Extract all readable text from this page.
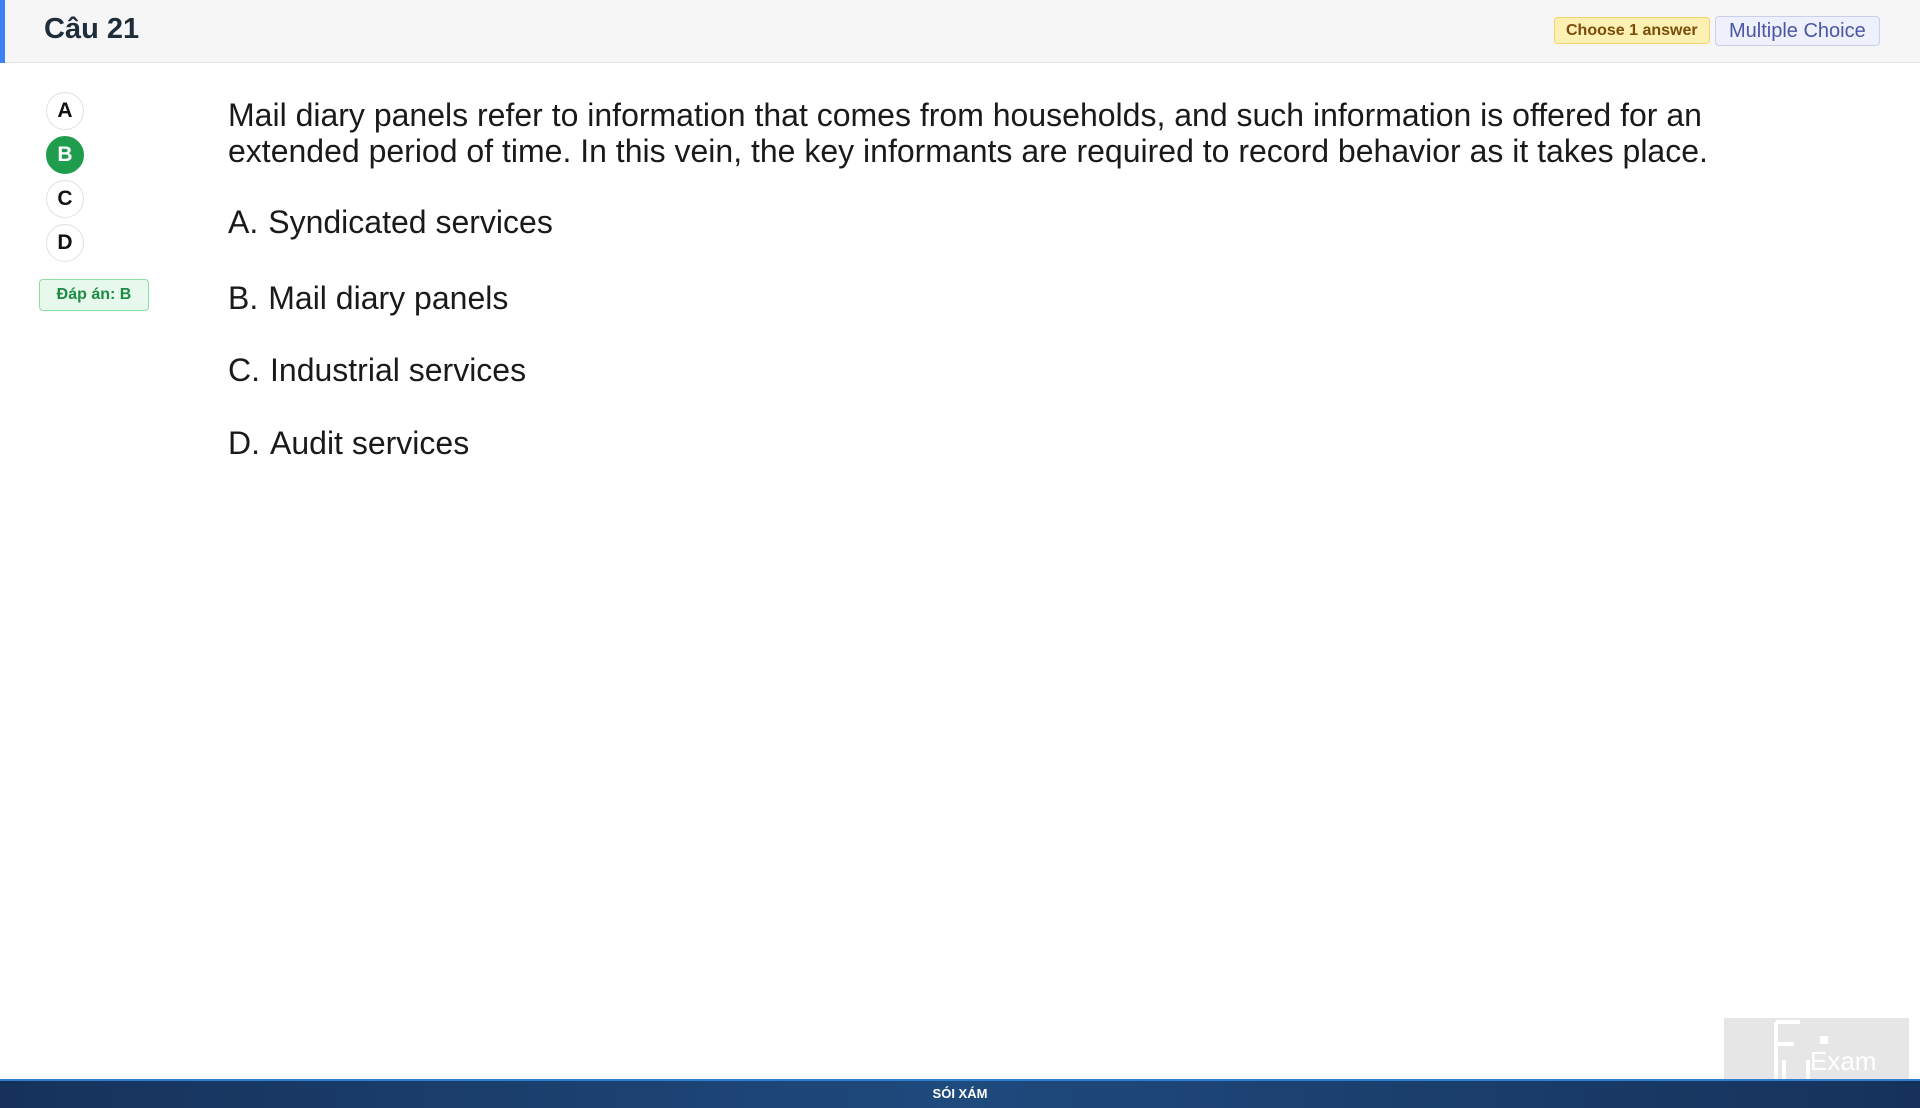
Câu 21	Choose 1 answer	Multiple Choice
A
B
C
D
Đáp án: B
Mail diary panels refer to information that comes from households, and such information is offered for an extended period of time. In this vein, the key informants are required to record behavior as it takes place.
A. Syndicated services
B. Mail diary panels
C. Industrial services
D. Audit services
Exam
SÓI XÁM
